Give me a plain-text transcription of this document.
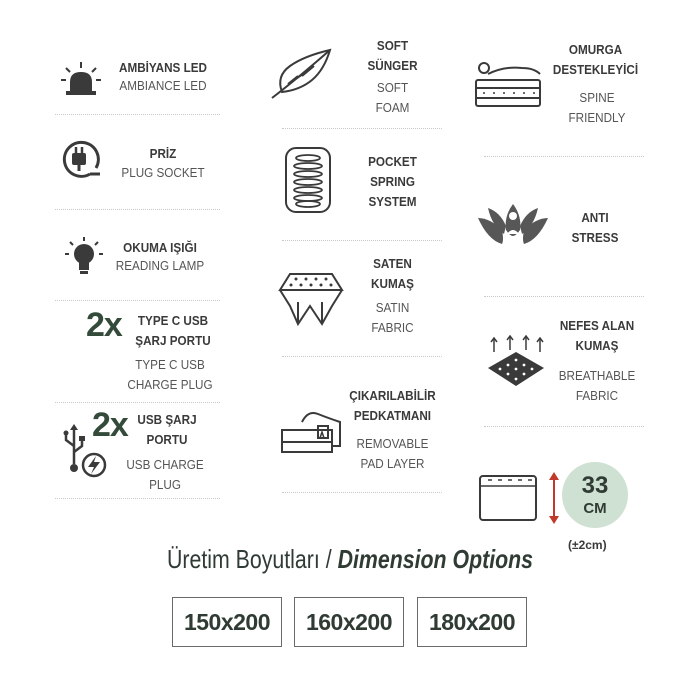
AMBİYANS LED
AMBIANCE LED
PRİZ
PLUG SOCKET
OKUMA IŞIĞI
READING LAMP
2x	TYPE C USB
ŞARJ PORTU
TYPE C USB
CHARGE PLUG
2x USB ŞARJ
PORTU
USB CHARGE
PLUG
SOFT
SÜNGER
SOFT
FOAM
POCKET
SPRING
SYSTEM
SATEN
KUMAŞ
SATIN
FABRIC
ÇIKARILABİLİR
PEDKATMANI
REMOVABLE
PAD LAYER
OMURGA
DESTEKLEYİCİ
SPINE
FRIENDLY
ANTI
STRESS
NEFES ALAN
KUMAŞ
BREATHABLE
FABRIC
33
CM
(±2cm)
Üretim Boyutları / Dimension Options
150x200	160x200	180x200
